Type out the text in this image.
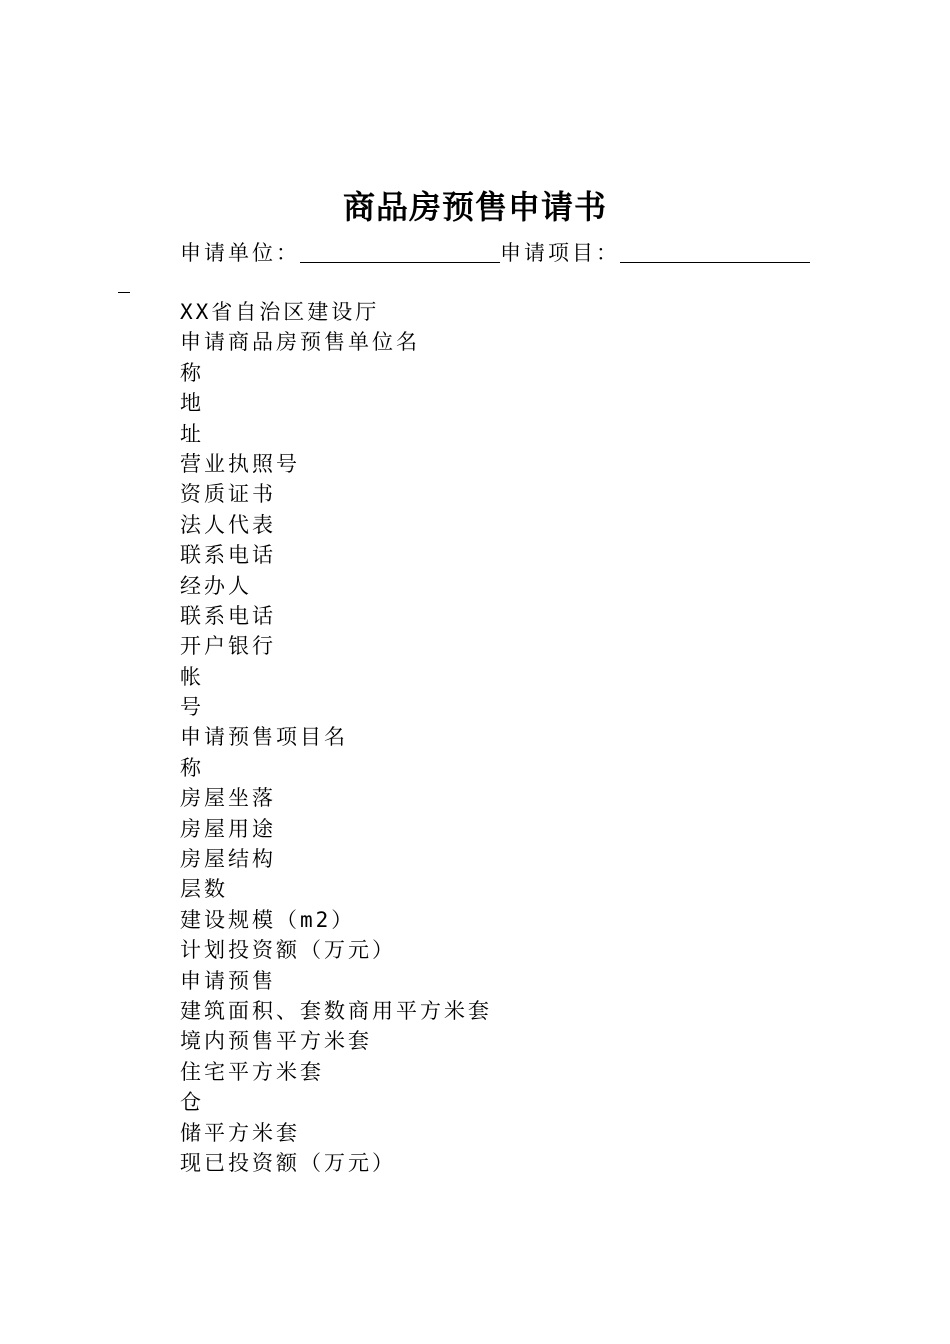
商品房预售申请书
申请单位：	申请项目：
XX省自治区建设厅
申请商品房预售单位名
称
地
址
营业执照号
资质证书
法人代表
联系电话
经办人
联系电话
开户银行
帐
号
申请预售项目名
称
房屋坐落
房屋用途
房屋结构
层数
建设规模（m2）
计划投资额（万元）
申请预售
建筑面积、套数商用平方米套
境内预售平方米套
住宅平方米套
仓
储平方米套
现已投资额（万元）
